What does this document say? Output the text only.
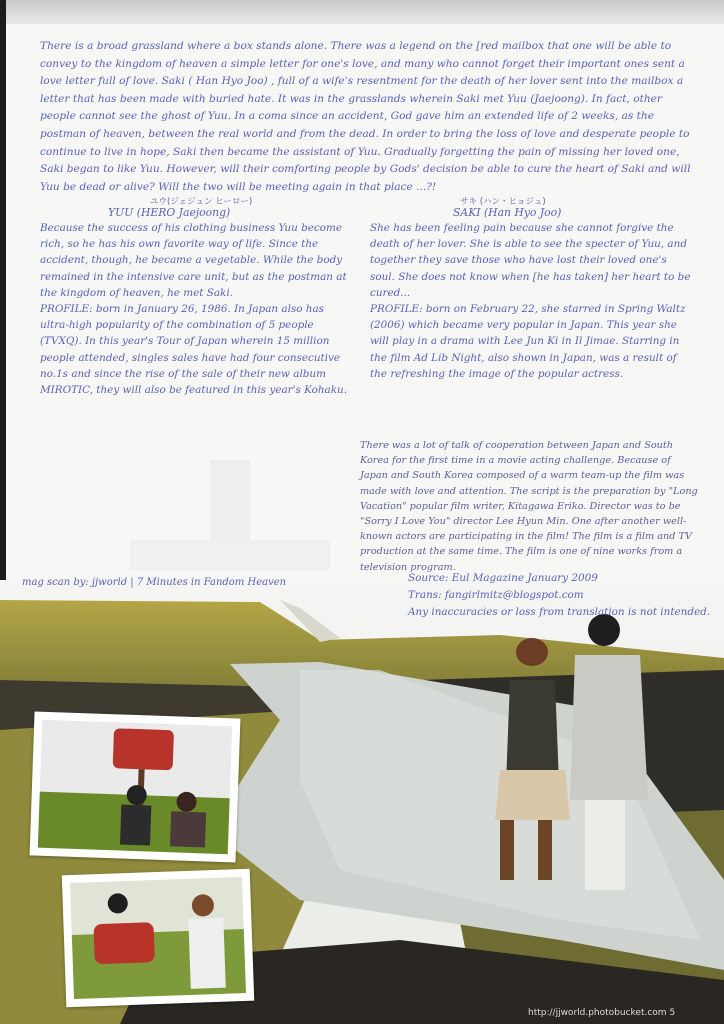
There is a broad grassland where a box stands alone. There was a legend on the [red mailbox that one will be able to convey to the kingdom of heaven a simple letter for one's love, and many who cannot forget their important ones sent a love letter full of love. Saki ( Han Hyo Joo) , full of a wife's resentment for the death of her lover sent into the mailbox a letter that has been made with buried hate. It was in the grasslands wherein Saki met Yuu (Jaejoong). In fact, other people cannot see the ghost of Yuu. In a coma since an accident, God gave him an extended life of 2 weeks, as the postman of heaven, between the real world and from the dead. In order to bring the loss of love and desperate people to continue to live in hope, Saki then became the assistant of Yuu. Gradually forgetting the pain of missing her loved one, Saki began to like Yuu. However, will their comforting people by Gods' decision be able to cure the heart of Saki and will Yuu be dead or alive? Will the two will be meeting again in that place ...?!

ユウ(ジェジュン ヒーロー)
YUU (HERO Jaejoong)
サキ (ハン・ヒョジュ)
SAKI (Han Hyo Joo)

Because the success of his clothing business Yuu become rich, so he has his own favorite way of life. Since the accident, though, he became a vegetable. While the body remained in the intensive care unit, but as the postman at the kingdom of heaven, he met Saki.

PROFILE: born in January 26, 1986. In Japan also has ultra-high popularity of the combination of 5 people (TVXQ). In this year's Tour of Japan wherein 15 million people attended, singles sales have had four consecutive no.1s and since the rise of the sale of their new album MIROTIC, they will also be featured in this year's Kohaku.

She has been feeling pain because she cannot forgive the death of her lover. She is able to see the specter of Yuu, and together they save those who have lost their loved one's soul. She does not know when [he has taken] her heart to be cured...

PROFILE: born on February 22, she starred in Spring Waltz (2006) which became very popular in Japan. This year she will play in a drama with Lee Jun Ki in Il Jimae. Starring in the film Ad Lib Night, also shown in Japan, was a result of the refreshing the image of the popular actress.

There was a lot of talk of cooperation between Japan and South Korea for the first time in a movie acting challenge. Because of Japan and South Korea composed of a warm team-up the film was made with love and attention. The script is the preparation by "Long Vacation" popular film writer, Kitagawa Eriko. Director was to be "Sorry I Love You" director Lee Hyun Min. One after another well-known actors are participating in the film! The film is a film and TV production at the same time. The film is one of nine works from a television program.
mag scan by: jjworld | 7 Minutes in Fandom Heaven	Source: Eul Magazine January 2009
Trans: fangirlmitz@blogspot.com
Any inaccuracies or loss from translation is not intended.
http://jjworld.photobucket.com 5
